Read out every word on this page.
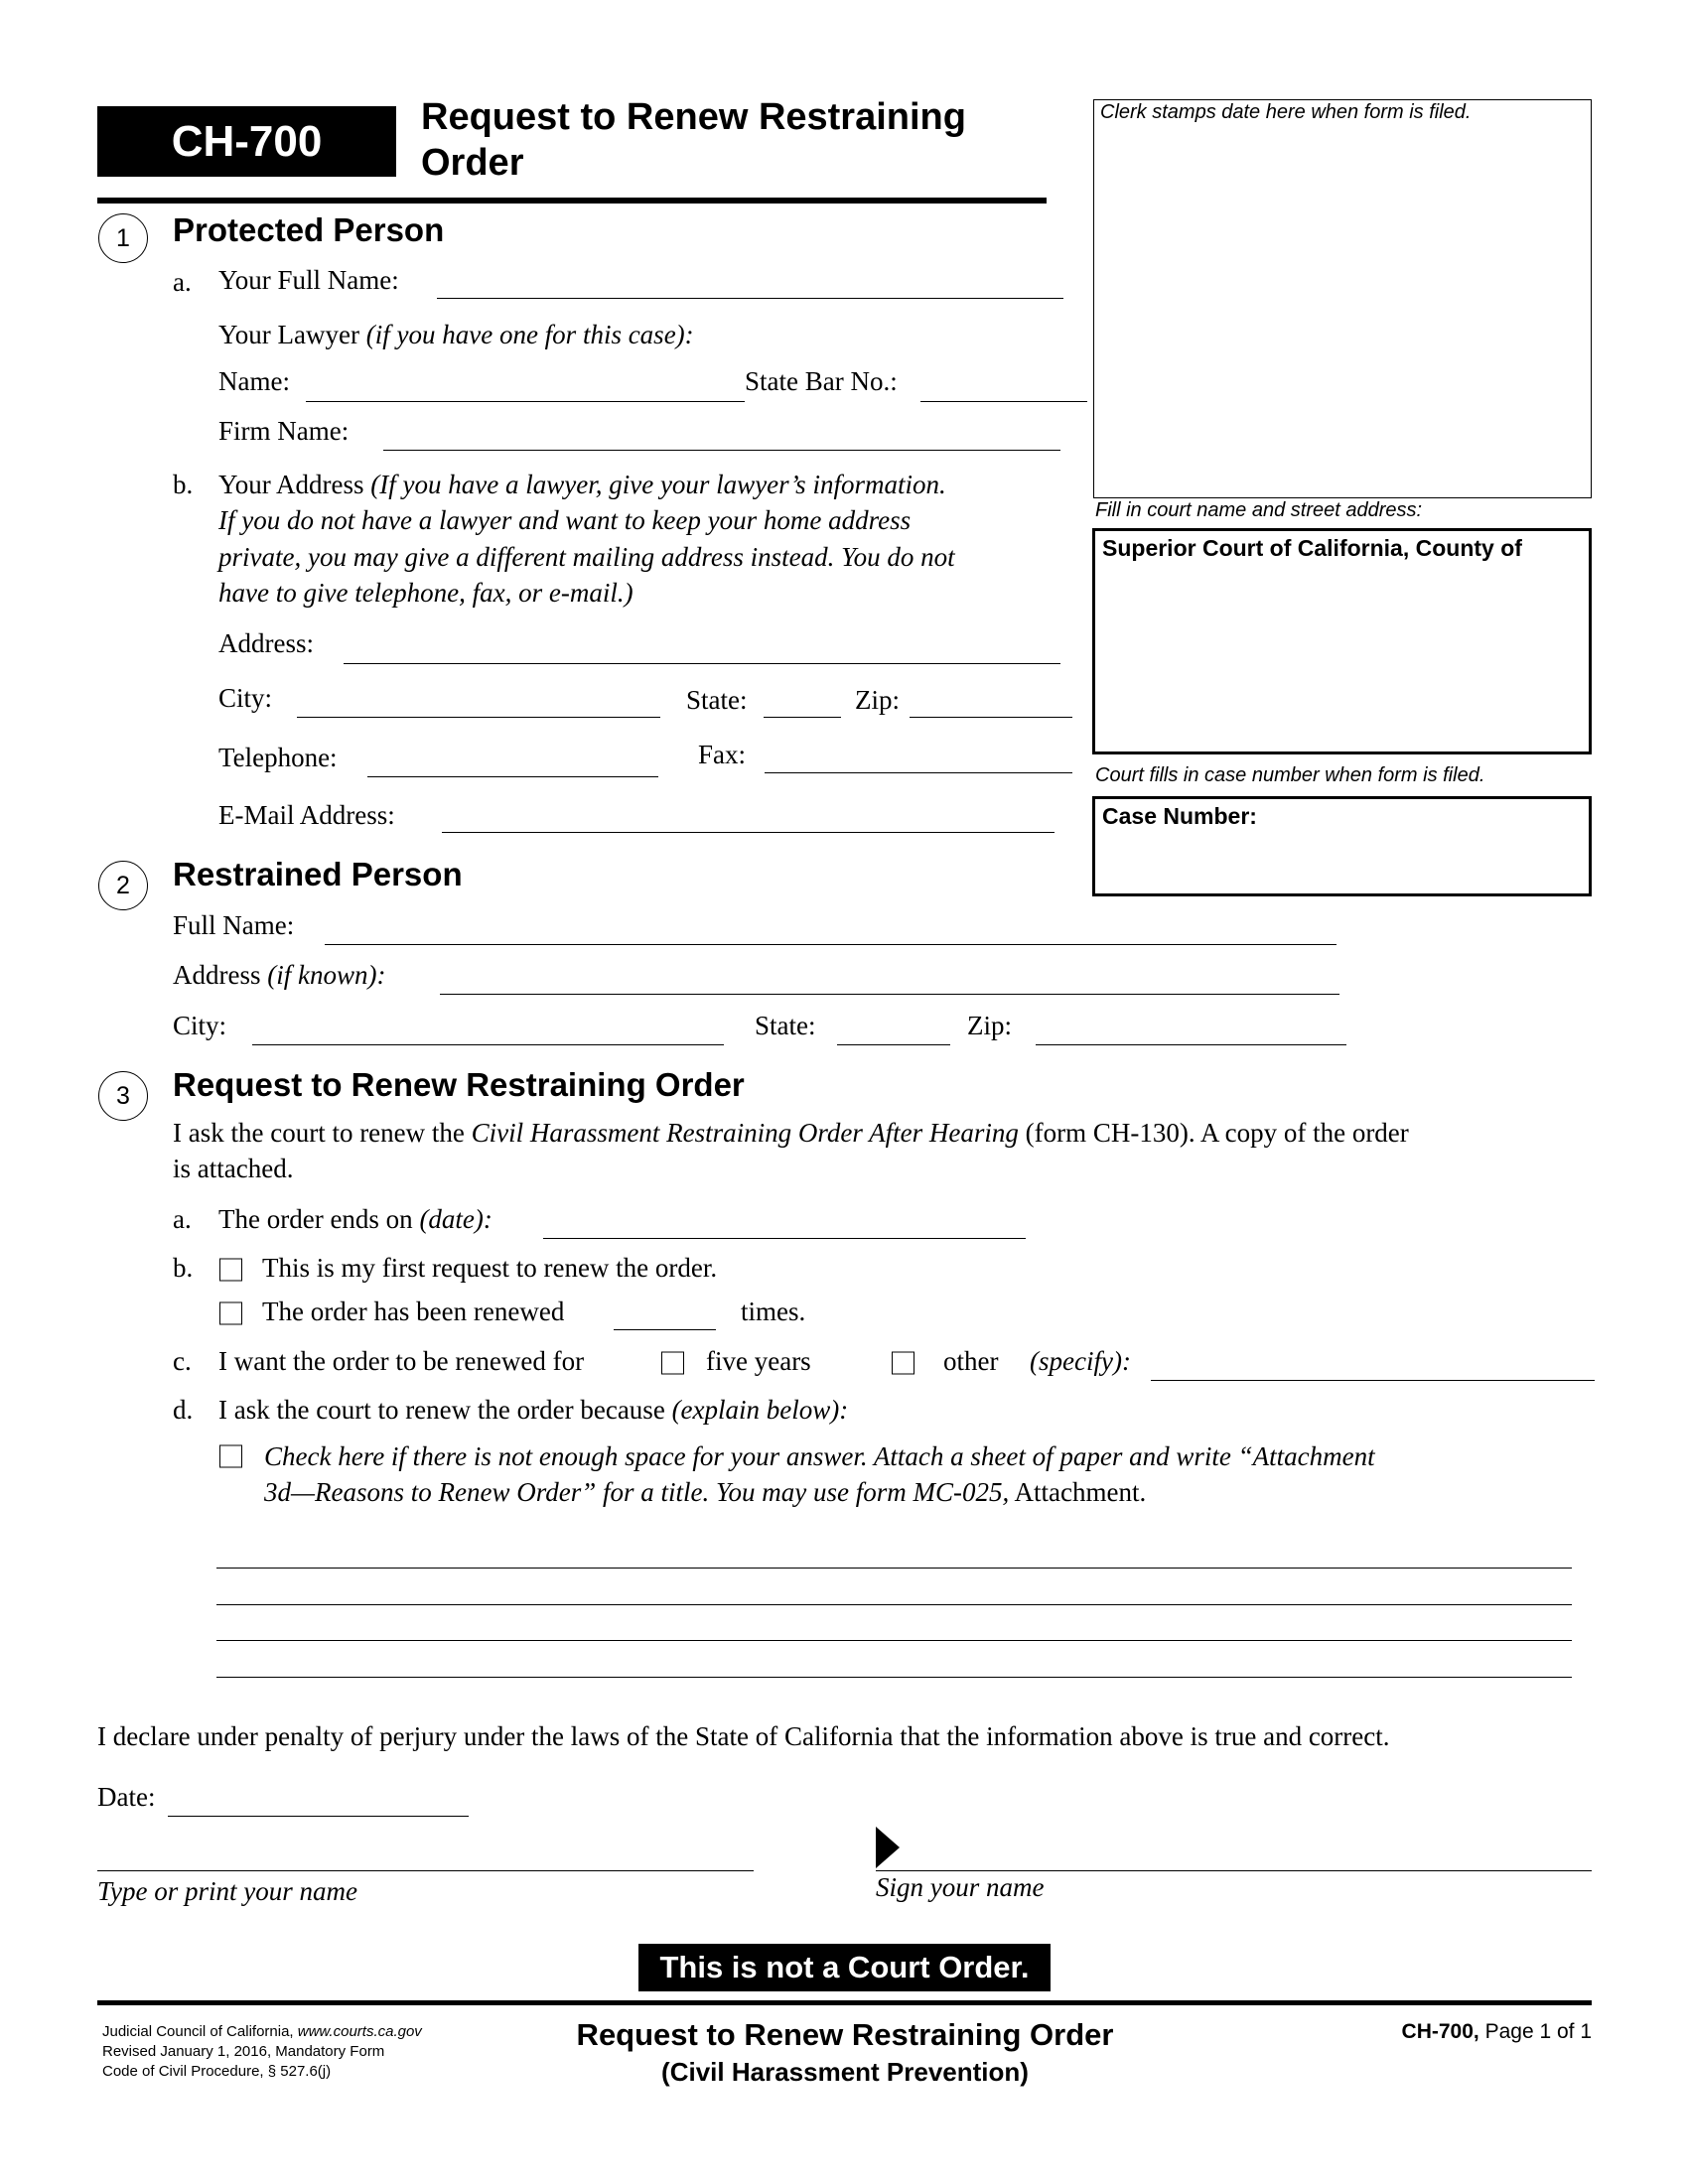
CH-700	Request to Renew Restraining
Order
Clerk stamps date here when form is filed.
Fill in court name and street address:
Superior Court of California, County of
Court fills in case number when form is filed.
Case Number:
1	Protected Person
a. Your Full Name:
Your Lawyer (if you have one for this case):
Name:	State Bar No.:
Firm Name:
b. Your Address (If you have a lawyer, give your lawyer’s information.
If you do not have a lawyer and want to keep your home address
private, you may give a different mailing address instead. You do not
have to give telephone, fax, or e-mail.)
Address:
City:	State:	Zip:
Telephone:	Fax:
E-Mail Address:
2	Restrained Person
Full Name:
Address (if known):
City:	State:	Zip:
3	Request to Renew Restraining Order
I ask the court to renew the Civil Harassment Restraining Order After Hearing (form CH-130). A copy of the order
is attached.
a. The order ends on (date):
b.	This is my first request to renew the order.
The order has been renewed	times.
c. I want the order to be renewed for	five years	other (specify):
d. I ask the court to renew the order because (explain below):
Check here if there is not enough space for your answer. Attach a sheet of paper and write “Attachment
3d—Reasons to Renew Order” for a title. You may use form MC-025, Attachment.
I declare under penalty of perjury under the laws of the State of California that the information above is true and correct.
Date:
Type or print your name	Sign your name
This is not a Court Order.
Judicial Council of California, www.courts.ca.gov
Revised January 1, 2016, Mandatory Form
Code of Civil Procedure, § 527.6(j)
Request to Renew Restraining Order
(Civil Harassment Prevention)
CH-700, Page 1 of 1
